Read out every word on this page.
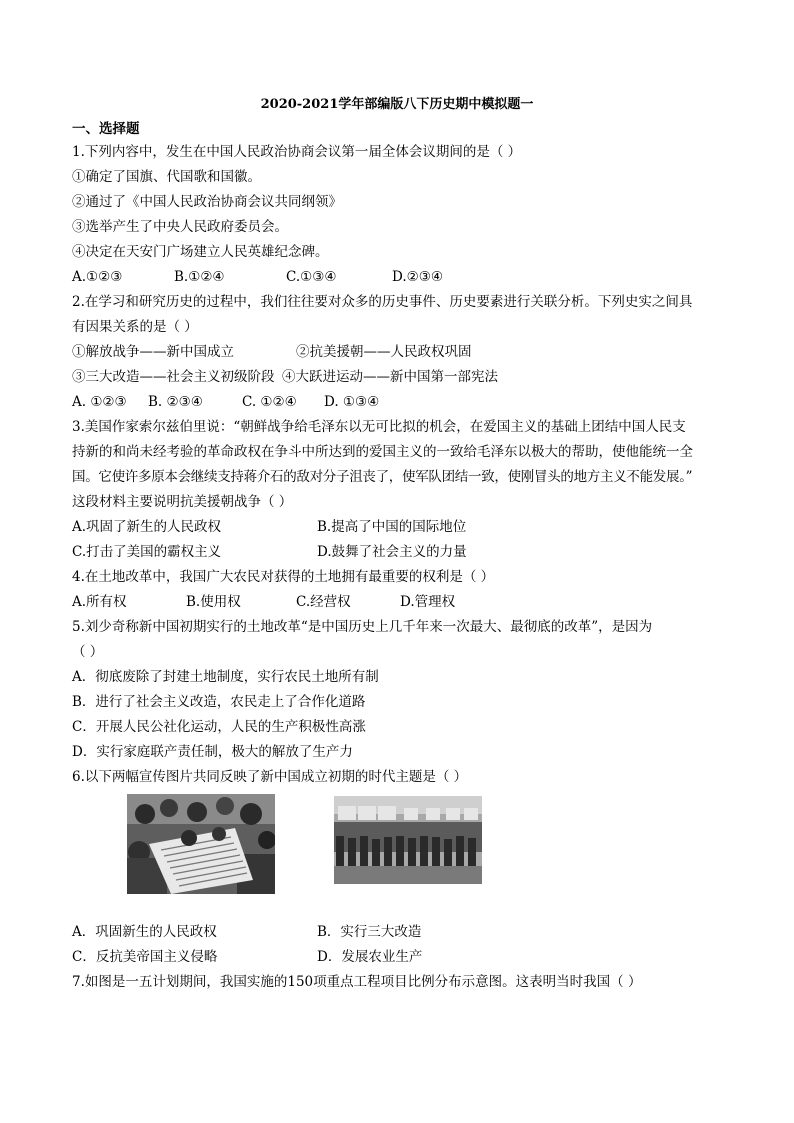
2020-2021学年部编版八下历史期中模拟题一
一、选择题
1.下列内容中，发生在中国人民政治协商会议第一届全体会议期间的是（ ）
①确定了国旗、代国歌和国徽。
②通过了《中国人民政治协商会议共同纲领》
③选举产生了中央人民政府委员会。
④决定在天安门广场建立人民英雄纪念碑。
A.①②③	B.①②④	C.①③④	D.②③④
2.在学习和研究历史的过程中，我们往往要对众多的历史事件、历史要素进行关联分析。下列史实之间具
有因果关系的是（ ）
①解放战争——新中国成立	②抗美援朝——人民政权巩固
③三大改造——社会主义初级阶段 ④大跃进运动——新中国第一部宪法
A. ①②③	B. ②③④	C. ①②④	D. ①③④
3.美国作家索尔兹伯里说：“朝鲜战争给毛泽东以无可比拟的机会，在爱国主义的基础上团结中国人民支
持新的和尚未经考验的革命政权在争斗中所达到的爱国主义的一致给毛泽东以极大的帮助，使他能统一全
国。它使许多原本会继续支持蒋介石的敌对分子沮丧了，使军队团结一致，使刚冒头的地方主义不能发展。”
这段材料主要说明抗美援朝战争（ ）
A.巩固了新生的人民政权	B.提高了中国的国际地位
C.打击了美国的霸权主义	D.鼓舞了社会主义的力量
4.在土地改革中，我国广大农民对获得的土地拥有最重要的权利是（ ）
A.所有权	B.使用权	C.经营权	D.管理权
5.刘少奇称新中国初期实行的土地改革“是中国历史上几千年来一次最大、最彻底的改革”，是因为
（ ）
A．彻底废除了封建土地制度，实行农民土地所有制
B．进行了社会主义改造，农民走上了合作化道路
C．开展人民公社化运动，人民的生产积极性高涨
D．实行家庭联产责任制，极大的解放了生产力
6.以下两幅宣传图片共同反映了新中国成立初期的时代主题是（ ）
A．巩固新生的人民政权	B．实行三大改造
C．反抗美帝国主义侵略	D．发展农业生产
7.如图是一五计划期间，我国实施的150项重点工程项目比例分布示意图。这表明当时我国（ ）
